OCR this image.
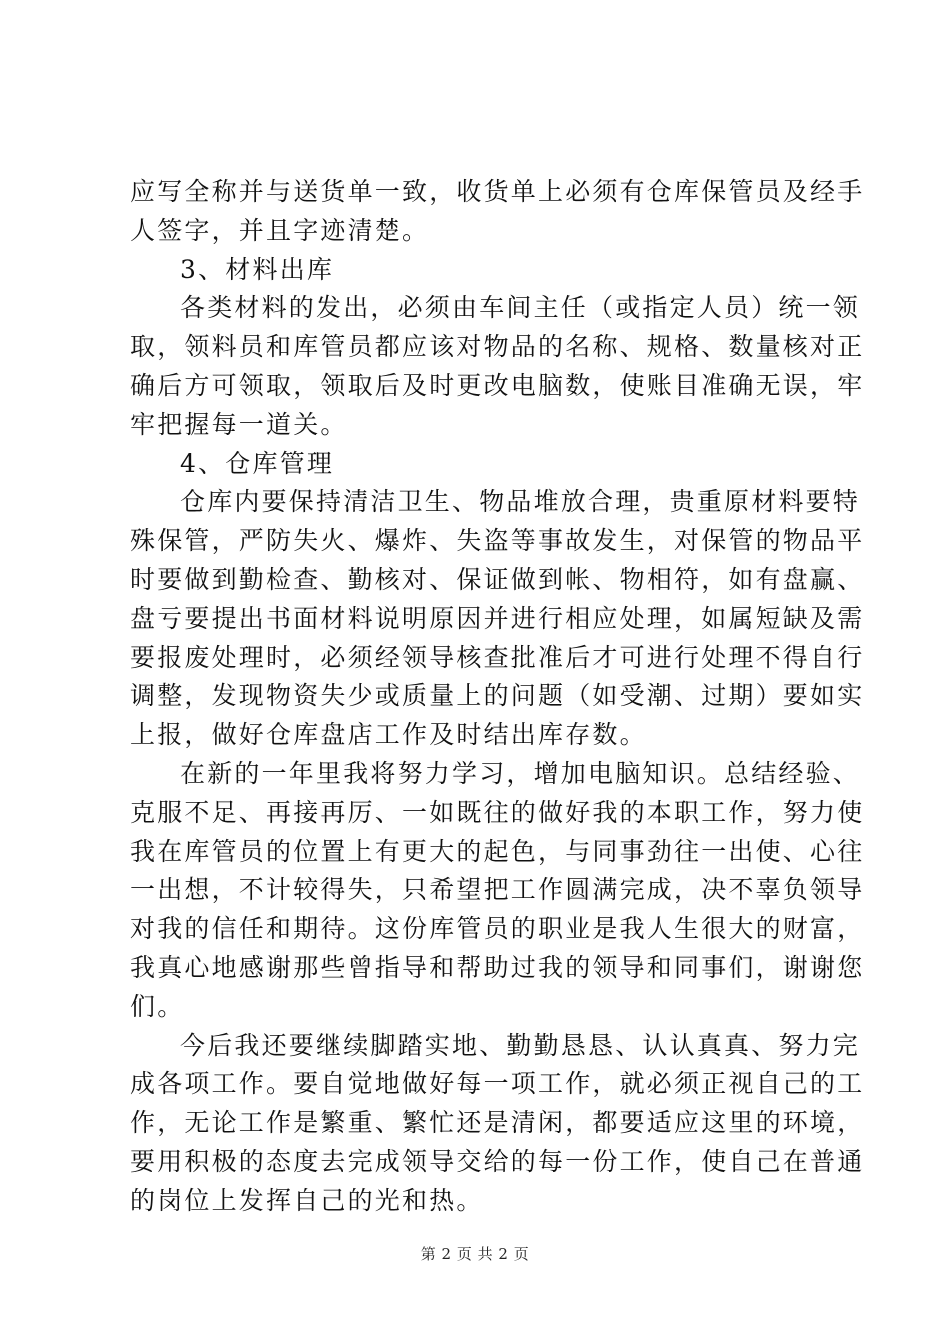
应写全称并与送货单一致，收货单上必须有仓库保管员及经手
人签字，并且字迹清楚。
3、材料出库
各类材料的发出，必须由车间主任（或指定人员）统一领
取，领料员和库管员都应该对物品的名称、规格、数量核对正
确后方可领取，领取后及时更改电脑数，使账目准确无误，牢
牢把握每一道关。
4、仓库管理
仓库内要保持清洁卫生、物品堆放合理，贵重原材料要特
殊保管，严防失火、爆炸、失盗等事故发生，对保管的物品平
时要做到勤检查、勤核对、保证做到帐、物相符，如有盘赢、
盘亏要提出书面材料说明原因并进行相应处理，如属短缺及需
要报废处理时，必须经领导核查批准后才可进行处理不得自行
调整，发现物资失少或质量上的问题（如受潮、过期）要如实
上报，做好仓库盘店工作及时结出库存数。
在新的一年里我将努力学习，增加电脑知识。总结经验、
克服不足、再接再厉、一如既往的做好我的本职工作，努力使
我在库管员的位置上有更大的起色，与同事劲往一出使、心往
一出想，不计较得失，只希望把工作圆满完成，决不辜负领导
对我的信任和期待。这份库管员的职业是我人生很大的财富，
我真心地感谢那些曾指导和帮助过我的领导和同事们，谢谢您
们。
今后我还要继续脚踏实地、勤勤恳恳、认认真真、努力完
成各项工作。要自觉地做好每一项工作，就必须正视自己的工
作，无论工作是繁重、繁忙还是清闲，都要适应这里的环境，
要用积极的态度去完成领导交给的每一份工作，使自己在普通
的岗位上发挥自己的光和热。
第 2 页 共 2 页
